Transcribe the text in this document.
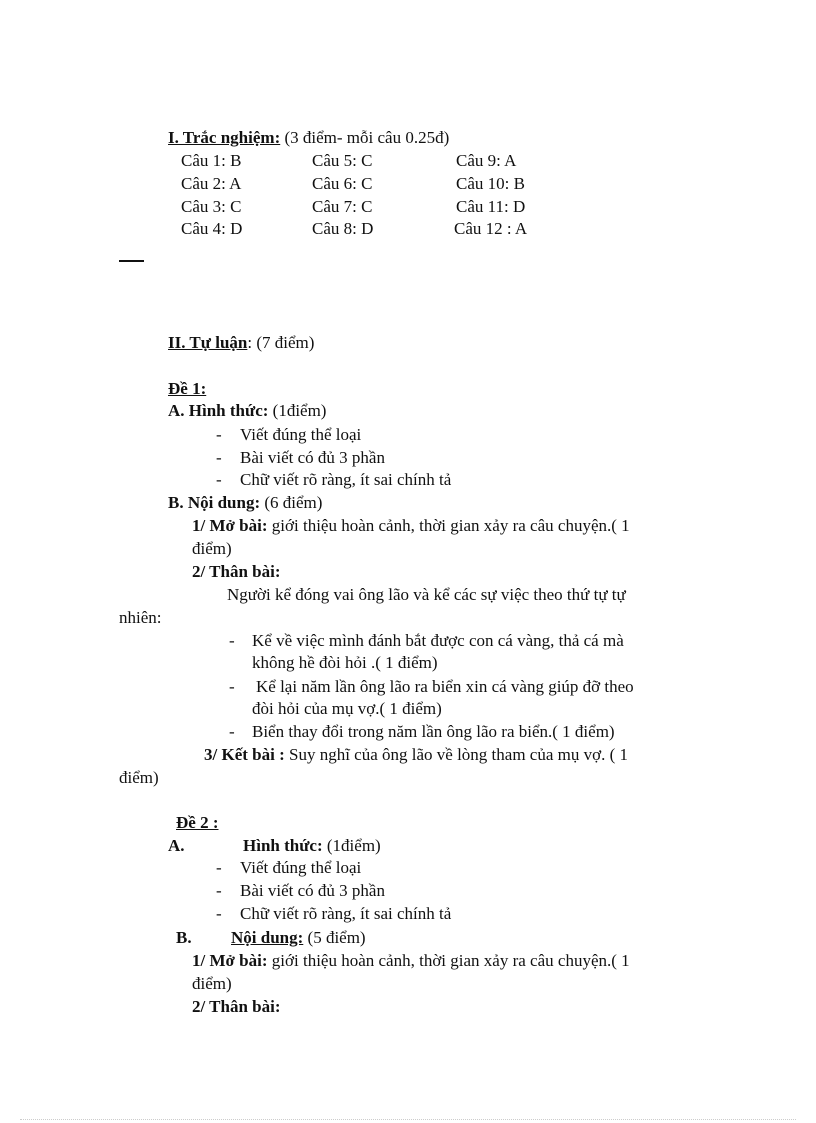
I. Trắc nghiệm: (3 điểm- mỗi câu 0.25đ)
Câu 1: B	Câu 5: C	Câu 9: A
Câu 2: A	Câu 6: C	Câu 10: B
Câu 3: C	Câu 7: C	Câu 11: D
Câu 4: D	Câu 8: D	Câu 12 : A
II. Tự luận: (7 điểm)
Đề 1:
A. Hình thức: (1điểm)
- Viết đúng thể loại
- Bài viết có đủ 3 phần
- Chữ viết rõ ràng, ít sai chính tả
B. Nội dung: (6 điểm)
1/ Mở bài: giới thiệu hoàn cảnh, thời gian xảy ra câu chuyện.( 1
điểm)
2/ Thân bài:
Người kể đóng vai ông lão và kể các sự việc theo thứ tự tự
nhiên:
- Kể về việc mình đánh bắt được con cá vàng, thả cá mà
không hề đòi hỏi .( 1 điểm)
- Kể lại năm lần ông lão ra biển xin cá vàng giúp đỡ theo
đòi hỏi của mụ vợ.( 1 điểm)
- Biển thay đổi trong năm lần ông lão ra biển.( 1 điểm)
3/ Kết bài : Suy nghĩ của ông lão về lòng tham của mụ vợ. ( 1
điểm)
Đề 2 :
A.	Hình thức: (1điểm)
- Viết đúng thể loại
- Bài viết có đủ 3 phần
- Chữ viết rõ ràng, ít sai chính tả
B. Nội dung: (5 điểm)
1/ Mở bài: giới thiệu hoàn cảnh, thời gian xảy ra câu chuyện.( 1
điểm)
2/ Thân bài:
